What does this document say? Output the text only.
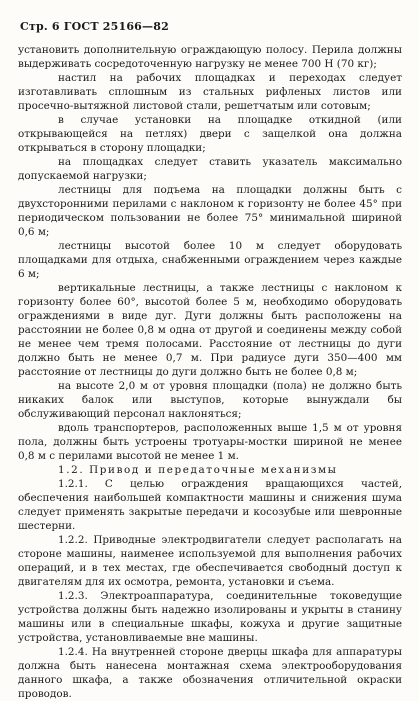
Стр. 6 ГОСТ 25166—82

установить дополнительную ограждающую полосу. Перила должны выдерживать сосредоточенную нагрузку не менее 700 Н (70 кг);

настил на рабочих площадках и переходах следует изготавливать сплошным из стальных рифленых листов или просечно-вытяжной листовой стали, решетчатым или сотовым;

в случае установки на площадке откидной (или открывающейся на петлях) двери с защелкой она должна открываться в сторону площадки;

на площадках следует ставить указатель максимально допускаемой нагрузки;

лестницы для подъема на площадки должны быть с двухсторонними перилами с наклоном к горизонту не более 45° при периодическом пользовании не более 75° минимальной шириной 0,6 м;

лестницы высотой более 10 м следует оборудовать площадками для отдыха, снабженными ограждением через каждые 6 м;

вертикальные лестницы, а также лестницы с наклоном к горизонту более 60°, высотой более 5 м, необходимо оборудовать ограждениями в виде дуг. Дуги должны быть расположены на расстоянии не более 0,8 м одна от другой и соединены между собой не менее чем тремя полосами. Расстояние от лестницы до дуги должно быть не менее 0,7 м. При радиусе дуги 350—400 мм расстояние от лестницы до дуги должно быть не более 0,8 м;

на высоте 2,0 м от уровня площадки (пола) не должно быть никаких балок или выступов, которые вынуждали бы обслуживающий персонал наклоняться;

вдоль транспортеров, расположенных выше 1,5 м от уровня пола, должны быть устроены тротуары-мостки шириной не менее 0,8 м с перилами высотой не менее 1 м.

1.2. Привод и передаточные механизмы

1.2.1. С целью ограждения вращающихся частей, обеспечения наибольшей компактности машины и снижения шума следует применять закрытые передачи и косозубые или шевронные шестерни.

1.2.2. Приводные электродвигатели следует располагать на стороне машины, наименее используемой для выполнения рабочих операций, и в тех местах, где обеспечивается свободный доступ к двигателям для их осмотра, ремонта, установки и съема.

1.2.3. Электроаппаратура, соединительные токоведущие устройства должны быть надежно изолированы и укрыты в станину машины или в специальные шкафы, кожуха и другие защитные устройства, установливаемые вне машины.

1.2.4. На внутренней стороне дверцы шкафа для аппаратуры должна быть нанесена монтажная схема электрооборудования данного шкафа, а также обозначения отличительной окраски проводов.
